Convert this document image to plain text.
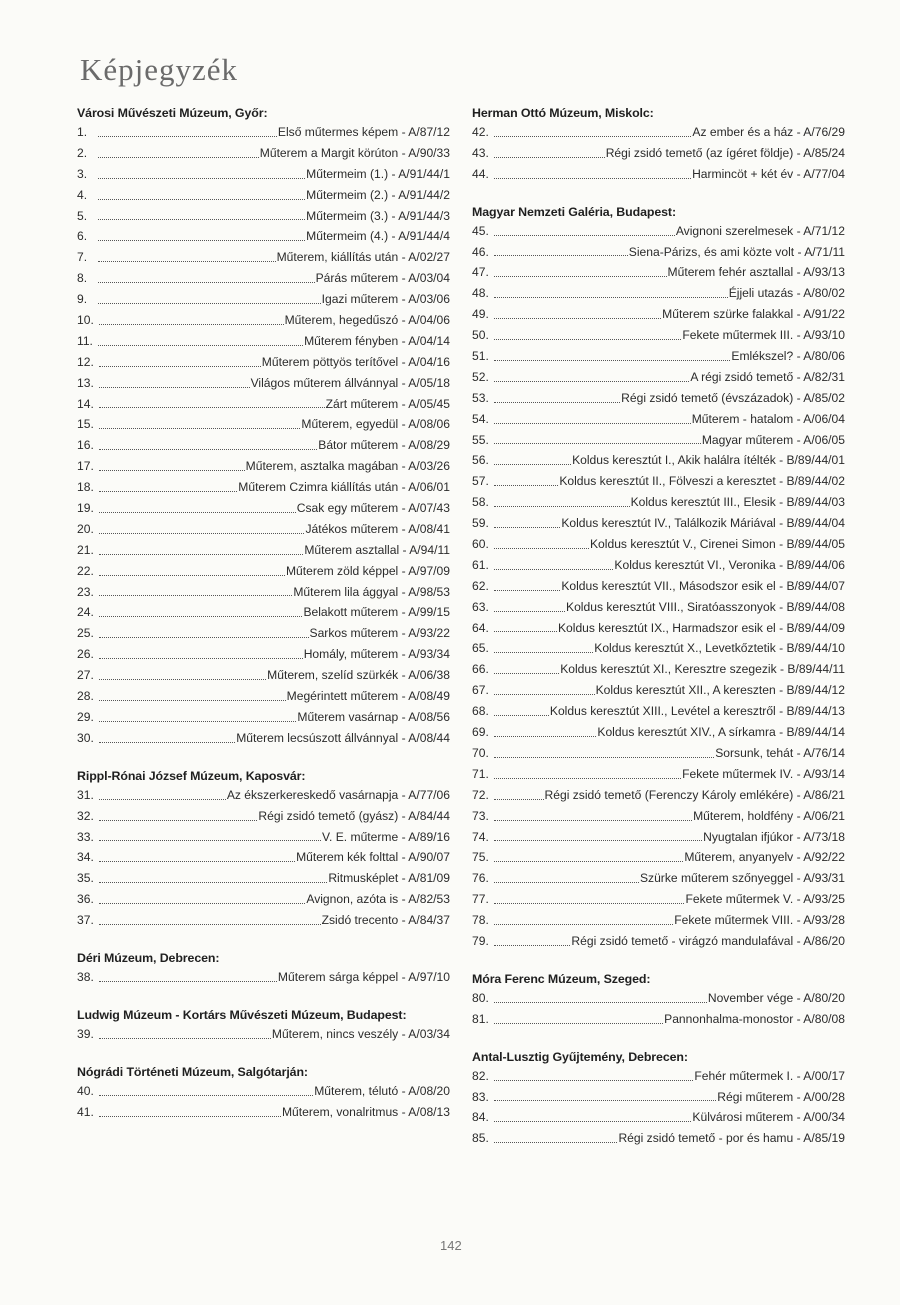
Képjegyzék
Városi Művészeti Múzeum, Győr:
1.	Első műtermes képem - A/87/12
2.	Műterem a Margit körúton - A/90/33
3.	Műtermeim (1.) - A/91/44/1
4.	Műtermeim (2.) - A/91/44/2
5.	Műtermeim (3.) - A/91/44/3
6.	Műtermeim (4.) - A/91/44/4
7.	Műterem, kiállítás után - A/02/27
8.	Párás műterem - A/03/04
9.	Igazi műterem - A/03/06
10.	Műterem, hegedűszó - A/04/06
11.	Műterem fényben - A/04/14
12.	Műterem pöttyös terítővel - A/04/16
13.	Világos műterem állvánnyal - A/05/18
14.	Zárt műterem - A/05/45
15.	Műterem, egyedül - A/08/06
16.	Bátor műterem - A/08/29
17.	Műterem, asztalka magában - A/03/26
18.	Műterem Czimra kiállítás után - A/06/01
19.	Csak egy műterem - A/07/43
20.	Játékos műterem - A/08/41
21.	Műterem asztallal - A/94/11
22.	Műterem zöld képpel - A/97/09
23.	Műterem lila ággyal - A/98/53
24.	Belakott műterem - A/99/15
25.	Sarkos műterem - A/93/22
26.	Homály, műterem - A/93/34
27.	Műterem, szelíd szürkék - A/06/38
28.	Megérintett műterem - A/08/49
29.	Műterem vasárnap - A/08/56
30.	Műterem lecsúszott állvánnyal - A/08/44
Rippl-Rónai József Múzeum, Kaposvár:
31.	Az ékszerkereskedő vasárnapja - A/77/06
32.	Régi zsidó temető (gyász) - A/84/44
33.	V. E. műterme - A/89/16
34.	Műterem kék folttal - A/90/07
35.	Ritmusképlet - A/81/09
36.	Avignon, azóta is - A/82/53
37.	Zsidó trecento - A/84/37
Déri Múzeum, Debrecen:
38.	Műterem sárga képpel - A/97/10
Ludwig Múzeum - Kortárs Művészeti Múzeum, Budapest:
39.	Műterem, nincs veszély - A/03/34
Nógrádi Történeti Múzeum, Salgótarján:
40.	Műterem, télutó - A/08/20
41.	Műterem, vonalritmus - A/08/13
Herman Ottó Múzeum, Miskolc:
42.	Az ember és a ház - A/76/29
43.	Régi zsidó temető (az ígéret földje) - A/85/24
44.	Harmincöt + két év - A/77/04
Magyar Nemzeti Galéria, Budapest:
45.	Avignoni szerelmesek - A/71/12
46.	Siena-Párizs, és ami közte volt - A/71/11
47.	Műterem fehér asztallal - A/93/13
48.	Éjjeli utazás - A/80/02
49.	Műterem szürke falakkal - A/91/22
50.	Fekete műtermek III. - A/93/10
51.	Emlékszel? - A/80/06
52.	A régi zsidó temető - A/82/31
53.	Régi zsidó temető (évszázadok) - A/85/02
54.	Műterem - hatalom - A/06/04
55.	Magyar műterem - A/06/05
56.	Koldus keresztút I., Akik halálra ítélték - B/89/44/01
57.	Koldus keresztút II., Fölveszi a keresztet - B/89/44/02
58.	Koldus keresztút III., Elesik - B/89/44/03
59.	Koldus keresztút IV., Találkozik Máriával - B/89/44/04
60.	Koldus keresztút V., Cirenei Simon - B/89/44/05
61.	Koldus keresztút VI., Veronika - B/89/44/06
62.	Koldus keresztút VII., Másodszor esik el - B/89/44/07
63.	Koldus keresztút VIII., Siratóasszonyok - B/89/44/08
64.	Koldus keresztút IX., Harmadszor esik el - B/89/44/09
65.	Koldus keresztút X., Levetkőztetik - B/89/44/10
66.	Koldus keresztút XI., Keresztre szegezik - B/89/44/11
67.	Koldus keresztút XII., A kereszten - B/89/44/12
68.	Koldus keresztút XIII., Levétel a keresztről - B/89/44/13
69.	Koldus keresztút XIV., A sírkamra - B/89/44/14
70.	Sorsunk, tehát - A/76/14
71.	Fekete műtermek IV. - A/93/14
72.	Régi zsidó temető (Ferenczy Károly emlékére) - A/86/21
73.	Műterem, holdfény - A/06/21
74.	Nyugtalan ifjúkor - A/73/18
75.	Műterem, anyanyelv - A/92/22
76.	Szürke műterem szőnyeggel - A/93/31
77.	Fekete műtermek V. - A/93/25
78.	Fekete műtermek VIII. - A/93/28
79.	Régi zsidó temető - virágzó mandulafával - A/86/20
Móra Ferenc Múzeum, Szeged:
80.	November vége - A/80/20
81.	Pannonhalma-monostor - A/80/08
Antal-Lusztig Gyűjtemény, Debrecen:
82.	Fehér műtermek I. - A/00/17
83.	Régi műterem - A/00/28
84.	Külvárosi műterem - A/00/34
85.	Régi zsidó temető - por és hamu - A/85/19
142
